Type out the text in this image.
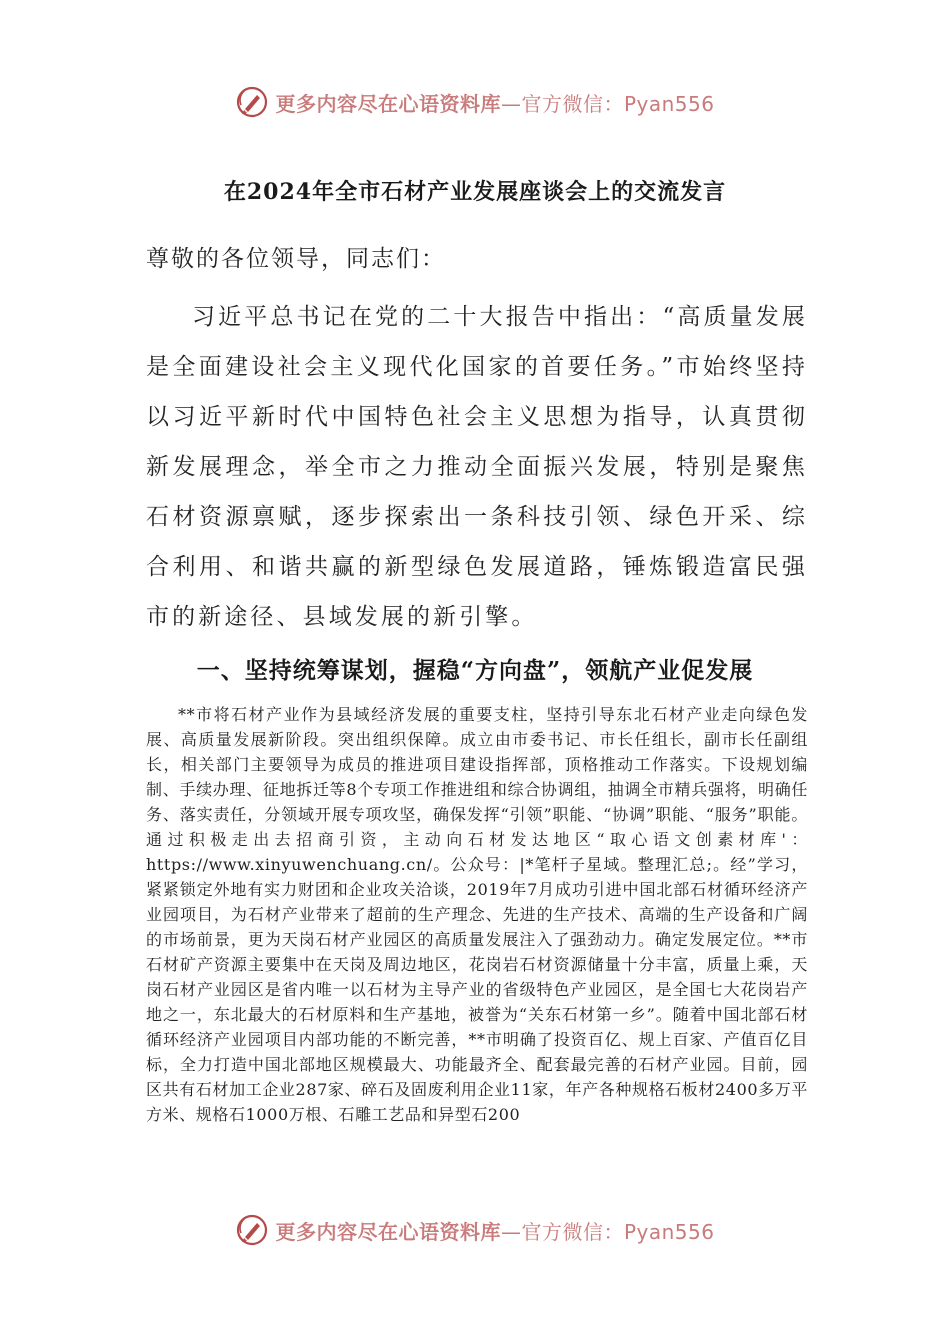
更多内容尽在心语资料库—官方微信：Pyan556
在2024年全市石材产业发展座谈会上的交流发言
尊敬的各位领导，同志们：

习近平总书记在党的二十大报告中指出：“高质量发展是全面建设社会主义现代化国家的首要任务。”市始终坚持以习近平新时代中国特色社会主义思想为指导，认真贯彻新发展理念，举全市之力推动全面振兴发展，特别是聚焦石材资源禀赋，逐步探索出一条科技引领、绿色开采、综合利用、和谐共赢的新型绿色发展道路，锤炼锻造富民强市的新途径、县域发展的新引擎。

一、坚持统筹谋划，握稳“方向盘”，领航产业促发展

**市将石材产业作为县域经济发展的重要支柱，坚持引导东北石材产业走向绿色发展、高质量发展新阶段。突出组织保障。成立由市委书记、市长任组长，副市长任副组长，相关部门主要领导为成员的推进项目建设指挥部，顶格推动工作落实。下设规划编制、手续办理、征地拆迁等8个专项工作推进组和综合协调组，抽调全市精兵强将，明确任务、落实责任，分领域开展专项攻坚，确保发挥“引领”职能、“协调”职能、“服务”职能。通过积极走出去招商引资，主动向石材发达地区“取心语文创素材库'：https://www.xinyuwenchuang.cn/。公众号：|*笔杆子星域。整理汇总;。经”学习，紧紧锁定外地有实力财团和企业攻关洽谈，2019年7月成功引进中国北部石材循环经济产业园项目，为石材产业带来了超前的生产理念、先进的生产技术、高端的生产设备和广阔的市场前景，更为天岗石材产业园区的高质量发展注入了强劲动力。确定发展定位。**市石材矿产资源主要集中在天岗及周边地区，花岗岩石材资源储量十分丰富，质量上乘，天岗石材产业园区是省内唯一以石材为主导产业的省级特色产业园区，是全国七大花岗岩产地之一，东北最大的石材原料和生产基地，被誉为“关东石材第一乡”。随着中国北部石材循环经济产业园项目内部功能的不断完善，**市明确了投资百亿、规上百家、产值百亿目标，全力打造中国北部地区规模最大、功能最齐全、配套最完善的石材产业园。目前，园区共有石材加工企业287家、碎石及固废利用企业11家，年产各种规格石板材2400多万平方米、规格石1000万根、石雕工艺品和异型石200

更多内容尽在心语资料库—官方微信：Pyan556
